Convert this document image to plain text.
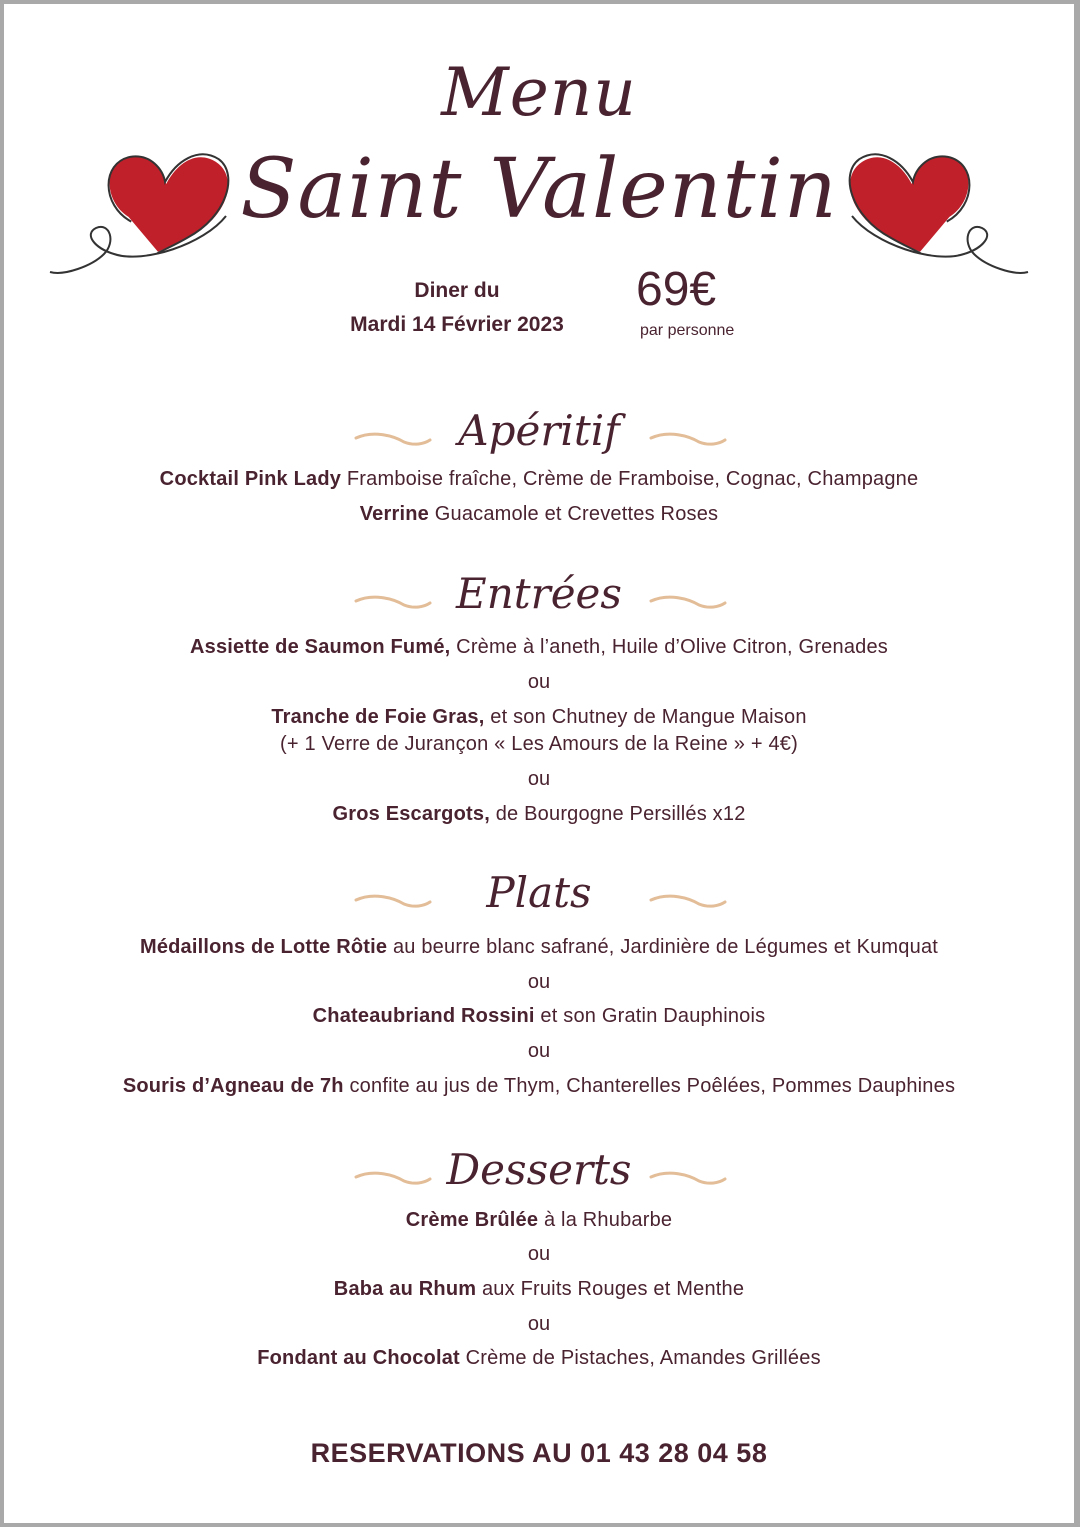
Menu
Saint Valentin
Diner du
Mardi 14 Février 2023
69€
par personne
Apéritif
Cocktail Pink Lady Framboise fraîche, Crème de Framboise, Cognac, Champagne
Verrine Guacamole et Crevettes Roses
Entrées
Assiette de Saumon Fumé, Crème à l’aneth, Huile d’Olive Citron, Grenades
ou
Tranche de Foie Gras, et son Chutney de Mangue Maison
(+ 1 Verre de Jurançon « Les Amours de la Reine » + 4€)
ou
Gros Escargots, de Bourgogne Persillés x12
Plats
Médaillons de Lotte Rôtie au beurre blanc safrané, Jardinière de Légumes et Kumquat
ou
Chateaubriand Rossini et son Gratin Dauphinois
ou
Souris d’Agneau de 7h confite au jus de Thym, Chanterelles Poêlées, Pommes Dauphines
Desserts
Crème Brûlée à la Rhubarbe
ou
Baba au Rhum aux Fruits Rouges et Menthe
ou
Fondant au Chocolat Crème de Pistaches, Amandes Grillées
RESERVATIONS AU 01 43 28 04 58
